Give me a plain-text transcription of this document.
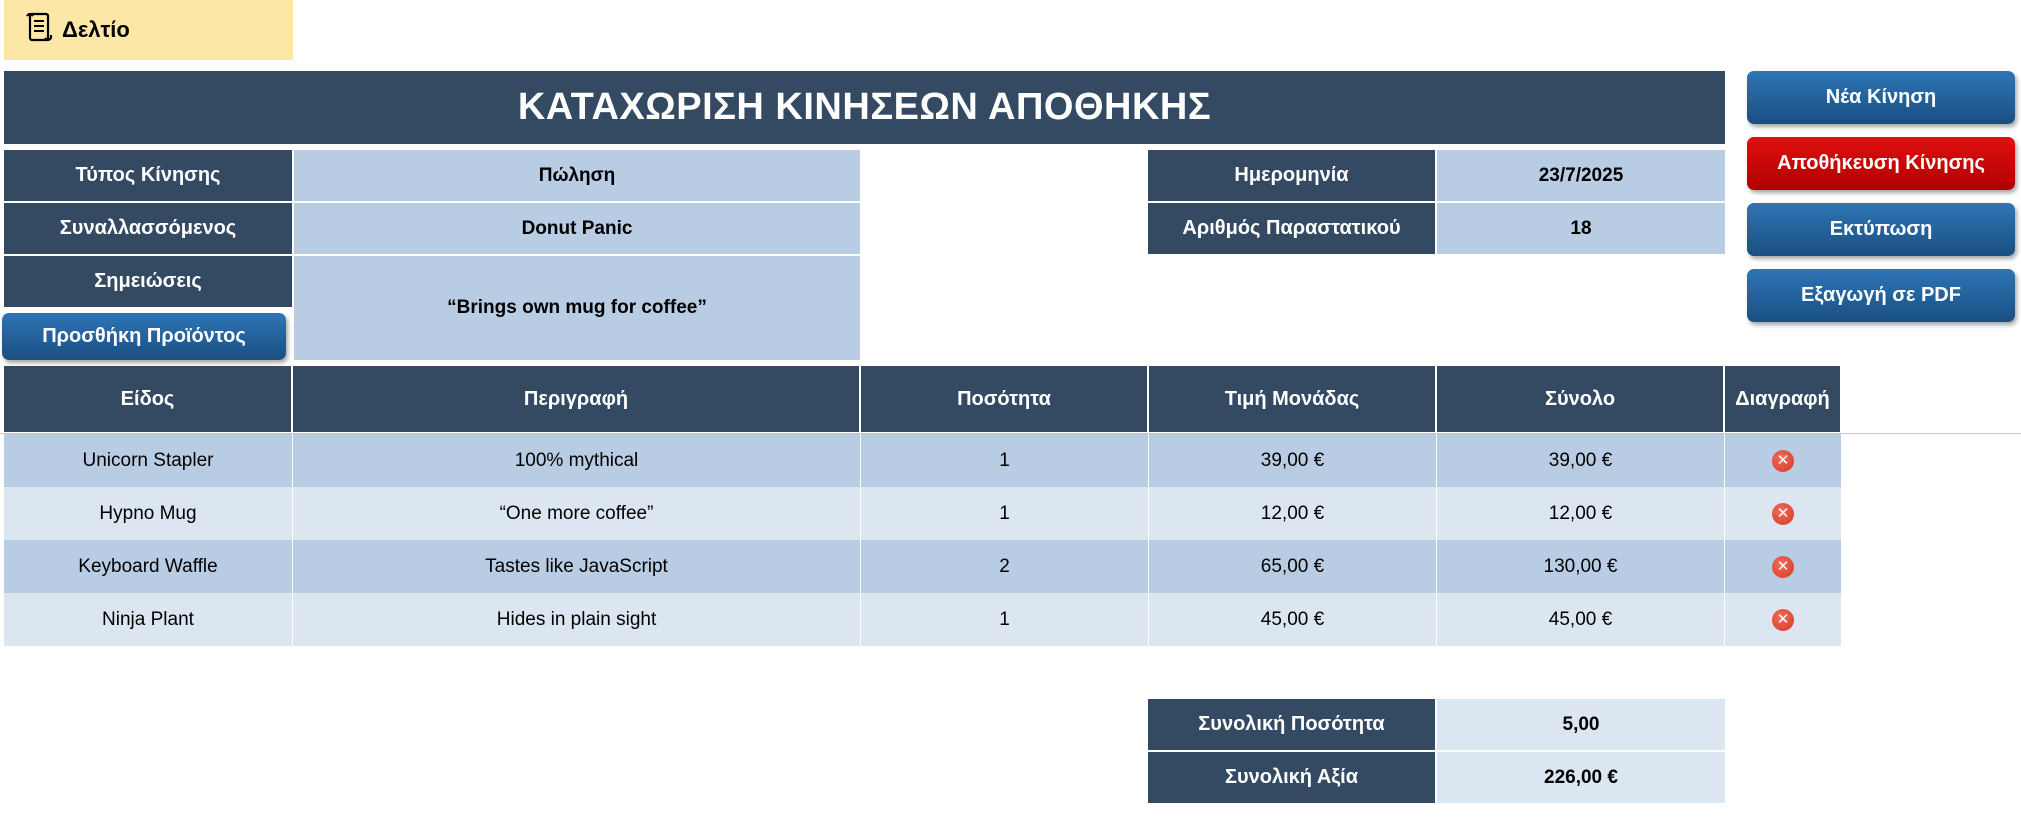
Δελτίο
ΚΑΤΑΧΩΡΙΣΗ ΚΙΝΗΣΕΩΝ ΑΠΟΘΗΚΗΣ	Νέα Κίνηση
Αποθήκευση Κίνησης
Εκτύπωση
Εξαγωγή σε PDF
Τύπος Κίνησης	Πώληση
Συναλλασσόμενος	Donut Panic
Σημειώσεις
“Brings own mug for coffee”
Προσθήκη Προϊόντος
Ημερομηνία	23/7/2025
Αριθμός Παραστατικού	18
Είδος	Περιγραφή	Ποσότητα	Τιμή Μονάδας	Σύνολο	Διαγραφή
Unicorn Stapler	100% mythical	1	39,00 €	39,00 €	✕
Hypno Mug	“One more coffee”	1	12,00 €	12,00 €	✕
Keyboard Waffle	Tastes like JavaScript	2	65,00 €	130,00 €	✕
Ninja Plant	Hides in plain sight	1	45,00 €	45,00 €	✕
Συνολική Ποσότητα	5,00
Συνολική Αξία	226,00 €
